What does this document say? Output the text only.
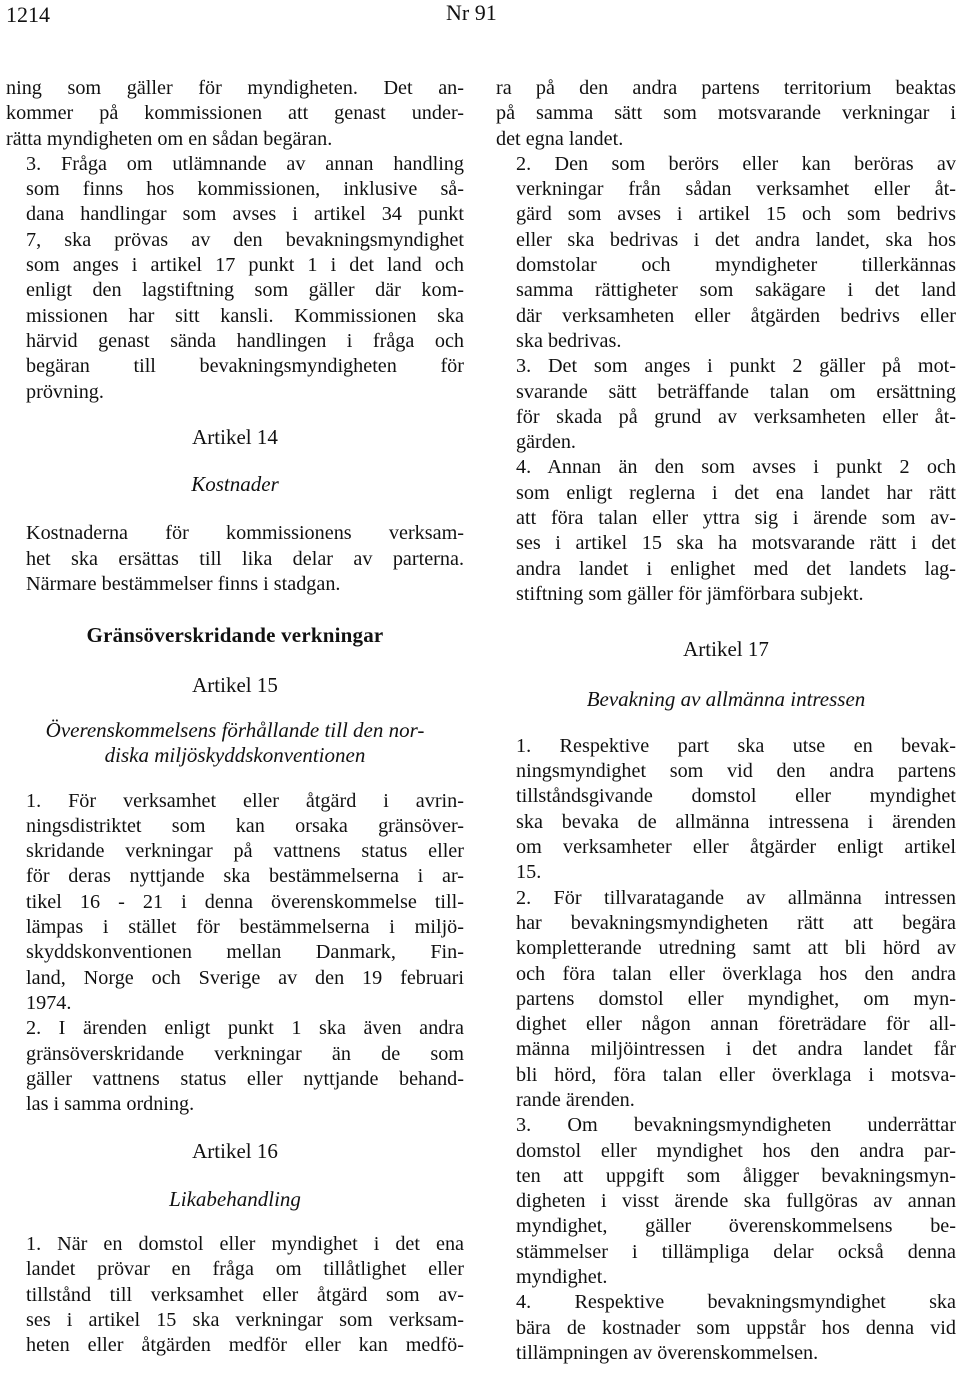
1214	Nr 91
ning som gäller för myndigheten. Det an-
kommer på kommissionen att genast under-
rätta myndigheten om en sådan begäran.
3. Fråga om utlämnande av annan handling
som finns hos kommissionen, inklusive så-
dana handlingar som avses i artikel 34 punkt
7, ska prövas av den bevakningsmyndighet
som anges i artikel 17 punkt 1 i det land och
enligt den lagstiftning som gäller där kom-
missionen har sitt kansli. Kommissionen ska
härvid genast sända handlingen i fråga och
begäran till bevakningsmyndigheten för
prövning.
Artikel 14
Kostnader
Kostnaderna för kommissionens verksam-
het ska ersättas till lika delar av parterna.
Närmare bestämmelser finns i stadgan.
Gränsöverskridande verkningar
Artikel 15
Överenskommelsens förhållande till den nor-
diska miljöskyddskonventionen
1. För verksamhet eller åtgärd i avrin-
ningsdistriktet som kan orsaka gränsöver-
skridande verkningar på vattnens status eller
för deras nyttjande ska bestämmelserna i ar-
tikel 16 - 21 i denna överenskommelse till-
lämpas i stället för bestämmelserna i miljö-
skyddskonventionen mellan Danmark, Fin-
land, Norge och Sverige av den 19 februari
1974.
2. I ärenden enligt punkt 1 ska även andra
gränsöverskridande verkningar än de som
gäller vattnens status eller nyttjande behand-
las i samma ordning.
Artikel 16
Likabehandling
1. När en domstol eller myndighet i det ena
landet prövar en fråga om tillåtlighet eller
tillstånd till verksamhet eller åtgärd som av-
ses i artikel 15 ska verkningar som verksam-
heten eller åtgärden medför eller kan medfö-
ra på den andra partens territorium beaktas
på samma sätt som motsvarande verkningar i
det egna landet.
2. Den som berörs eller kan beröras av
verkningar från sådan verksamhet eller åt-
gärd som avses i artikel 15 och som bedrivs
eller ska bedrivas i det andra landet, ska hos
domstolar och myndigheter tillerkännas
samma rättigheter som sakägare i det land
där verksamheten eller åtgärden bedrivs eller
ska bedrivas.
3. Det som anges i punkt 2 gäller på mot-
svarande sätt beträffande talan om ersättning
för skada på grund av verksamheten eller åt-
gärden.
4. Annan än den som avses i punkt 2 och
som enligt reglerna i det ena landet har rätt
att föra talan eller yttra sig i ärende som av-
ses i artikel 15 ska ha motsvarande rätt i det
andra landet i enlighet med det landets lag-
stiftning som gäller för jämförbara subjekt.
Artikel 17
Bevakning av allmänna intressen
1. Respektive part ska utse en bevak-
ningsmyndighet som vid den andra partens
tillståndsgivande domstol eller myndighet
ska bevaka de allmänna intressena i ärenden
om verksamheter eller åtgärder enligt artikel
15.
2. För tillvaratagande av allmänna intressen
har bevakningsmyndigheten rätt att begära
kompletterande utredning samt att bli hörd av
och föra talan eller överklaga hos den andra
partens domstol eller myndighet, om myn-
dighet eller någon annan företrädare för all-
männa miljöintressen i det andra landet får
bli hörd, föra talan eller överklaga i motsva-
rande ärenden.
3. Om bevakningsmyndigheten underrättar
domstol eller myndighet hos den andra par-
ten att uppgift som åligger bevakningsmyn-
digheten i visst ärende ska fullgöras av annan
myndighet, gäller överenskommelsens be-
stämmelser i tillämpliga delar också denna
myndighet.
4. Respektive bevakningsmyndighet ska
bära de kostnader som uppstår hos denna vid
tillämpningen av överenskommelsen.
